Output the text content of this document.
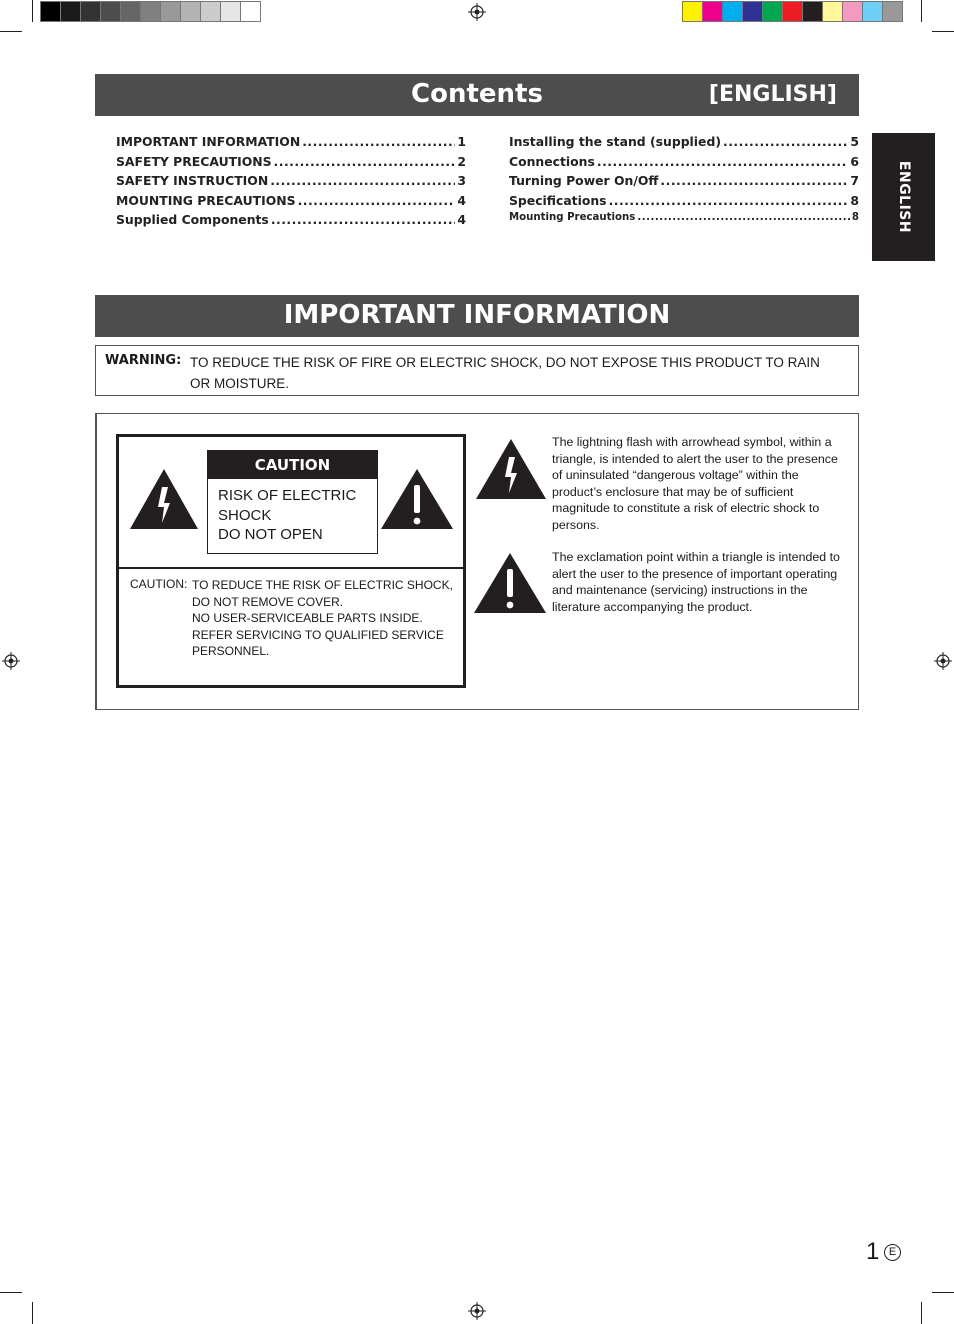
Contents	[ENGLISH]
IMPORTANT INFORMATION .....	1
SAFETY PRECAUTIONS .....	2
SAFETY INSTRUCTION .....	3
MOUNTING PRECAUTIONS .....	4
Supplied Components .....	4
Installing the stand (supplied) .....	5
Connections .....	6
Turning Power On/Off .....	7
Specifications .....	8
Mounting Precautions .....	8	ENGLISH
IMPORTANT INFORMATION
WARNING: TO REDUCE THE RISK OF FIRE OR ELECTRIC SHOCK, DO NOT EXPOSE THIS PRODUCT TO RAIN OR MOISTURE.
CAUTION
RISK OF ELECTRIC SHOCK
DO NOT OPEN
CAUTION: TO REDUCE THE RISK OF ELECTRIC SHOCK, DO NOT REMOVE COVER.
NO USER-SERVICEABLE PARTS INSIDE.
REFER SERVICING TO QUALIFIED SERVICE PERSONNEL.
The lightning flash with arrowhead symbol, within a triangle, is intended to alert the user to the presence of uninsulated “dangerous voltage” within the product’s enclosure that may be of sufficient magnitude to constitute a risk of electric shock to persons.
The exclamation point within a triangle is intended to alert the user to the presence of important operating and maintenance (servicing) instructions in the literature accompanying the product.
1 E
